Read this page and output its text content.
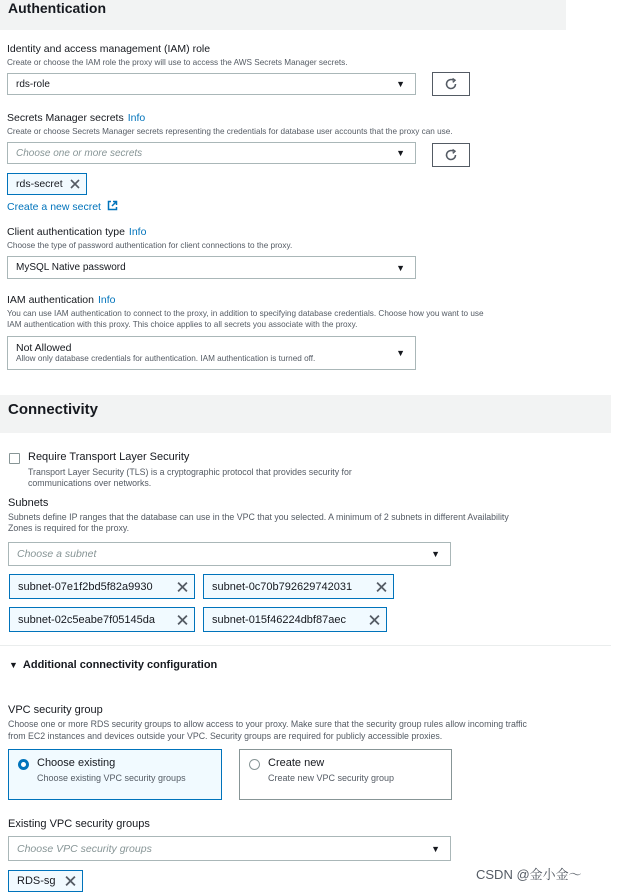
Authentication
Identity and access management (IAM) role
Create or choose the IAM role the proxy will use to access the AWS Secrets Manager secrets.
rds-role	▼
Secrets Manager secrets Info
Create or choose Secrets Manager secrets representing the credentials for database user accounts that the proxy can use.
Choose one or more secrets	▼
rds-secret
Create a new secret
Client authentication type Info
Choose the type of password authentication for client connections to the proxy.
MySQL Native password	▼
IAM authentication Info
You can use IAM authentication to connect to the proxy, in addition to specifying database credentials. Choose how you want to use
IAM authentication with this proxy. This choice applies to all secrets you associate with the proxy.
Not Allowed
Allow only database credentials for authentication. IAM authentication is turned off.
▼
Connectivity
Require Transport Layer Security
Transport Layer Security (TLS) is a cryptographic protocol that provides security for
communications over networks.
Subnets
Subnets define IP ranges that the database can use in the VPC that you selected. A minimum of 2 subnets in different Availability
Zones is required for the proxy.
Choose a subnet	▼
subnet-07e1f2bd5f82a9930	subnet-0c70b792629742031
subnet-02c5eabe7f05145da	subnet-015f46224dbf87aec
▼ Additional connectivity configuration
VPC security group
Choose one or more RDS security groups to allow access to your proxy. Make sure that the security group rules allow incoming traffic
from EC2 instances and devices outside your VPC. Security groups are required for publicly accessible proxies.
Choose existing
Choose existing VPC security groups
Create new
Create new VPC security group
Existing VPC security groups
Choose VPC security groups	▼
RDS-sg	CSDN @金小金～
